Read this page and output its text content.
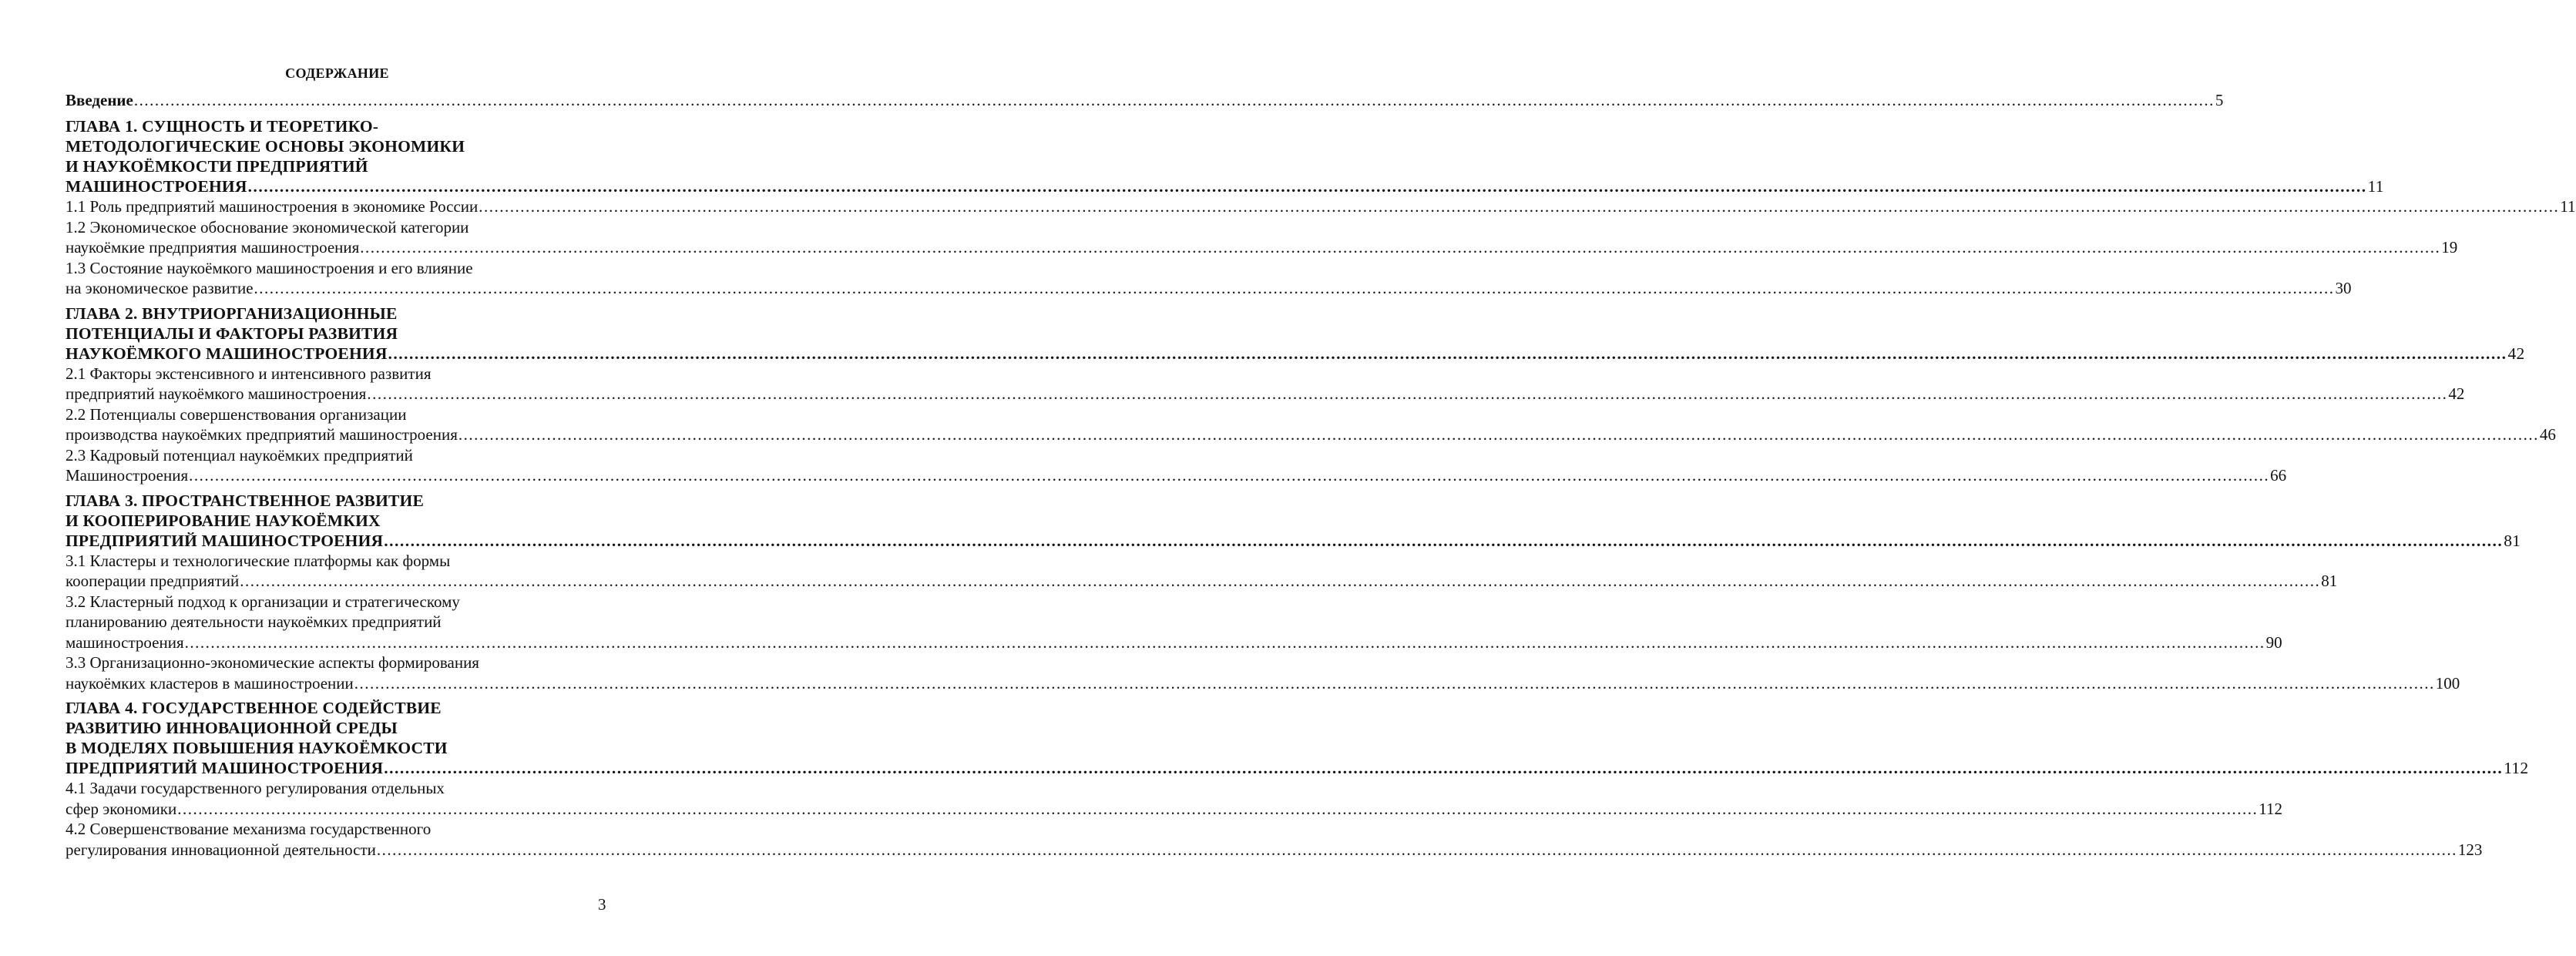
СОДЕРЖАНИЕ
Введение ................................................................................................................................................................................................................................................................................................................................................................................................................ 5
ГЛАВА 1. СУЩНОСТЬ И ТЕОРЕТИКО-
МЕТОДОЛОГИЧЕСКИЕ ОСНОВЫ ЭКОНОМИКИ
И НАУКОЁМКОСТИ ПРЕДПРИЯТИЙ
МАШИНОСТРОЕНИЯ ................................................................................................................................................................................................................................................................................................................................................................................................................ 11
1.1 Роль предприятий машиностроения в экономике России ................................................................................................................................................................................................................................................................................................................................................................................................................ 11
1.2 Экономическое обоснование экономической категории
наукоёмкие предприятия машиностроения ................................................................................................................................................................................................................................................................................................................................................................................................................ 19
1.3 Состояние наукоёмкого машиностроения и его влияние
на экономическое развитие ................................................................................................................................................................................................................................................................................................................................................................................................................ 30
ГЛАВА 2. ВНУТРИОРГАНИЗАЦИОННЫЕ
ПОТЕНЦИАЛЫ И ФАКТОРЫ РАЗВИТИЯ
НАУКОЁМКОГО МАШИНОСТРОЕНИЯ ................................................................................................................................................................................................................................................................................................................................................................................................................ 42
2.1 Факторы экстенсивного и интенсивного развития
предприятий наукоёмкого машиностроения ................................................................................................................................................................................................................................................................................................................................................................................................................ 42
2.2 Потенциалы совершенствования организации
производства наукоёмких предприятий машиностроения ................................................................................................................................................................................................................................................................................................................................................................................................................ 46
2.3 Кадровый потенциал наукоёмких предприятий
Машиностроения ................................................................................................................................................................................................................................................................................................................................................................................................................ 66
ГЛАВА 3. ПРОСТРАНСТВЕННОЕ РАЗВИТИЕ
И КООПЕРИРОВАНИЕ НАУКОЁМКИХ
ПРЕДПРИЯТИЙ МАШИНОСТРОЕНИЯ ................................................................................................................................................................................................................................................................................................................................................................................................................ 81
3.1 Кластеры и технологические платформы как формы
кооперации предприятий ................................................................................................................................................................................................................................................................................................................................................................................................................ 81
3.2 Кластерный подход к организации и стратегическому
планированию деятельности наукоёмких предприятий
машиностроения ................................................................................................................................................................................................................................................................................................................................................................................................................ 90
3.3 Организационно-экономические аспекты формирования
наукоёмких кластеров в машиностроении ................................................................................................................................................................................................................................................................................................................................................................................................................ 100
ГЛАВА 4. ГОСУДАРСТВЕННОЕ СОДЕЙСТВИЕ
РАЗВИТИЮ ИННОВАЦИОННОЙ СРЕДЫ
В МОДЕЛЯХ ПОВЫШЕНИЯ НАУКОЁМКОСТИ
ПРЕДПРИЯТИЙ МАШИНОСТРОЕНИЯ ................................................................................................................................................................................................................................................................................................................................................................................................................ 112
4.1 Задачи государственного регулирования отдельных
сфер экономики ................................................................................................................................................................................................................................................................................................................................................................................................................ 112
4.2 Совершенствование механизма государственного
регулирования инновационной деятельности ................................................................................................................................................................................................................................................................................................................................................................................................................ 123
3
